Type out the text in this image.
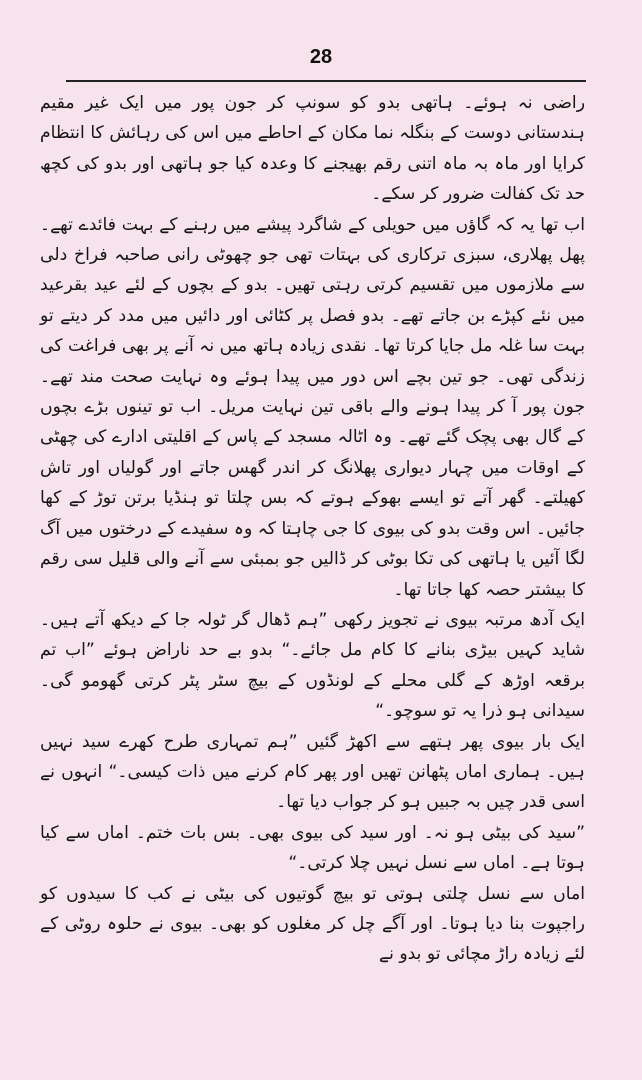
28

راضی نہ ہوئے۔ ہاتھی بدو کو سونپ کر جون پور میں ایک غیر مقیم ہندستانی دوست کے بنگلہ نما مکان کے احاطے میں اس کی رہائش کا انتظام کرایا اور ماہ بہ ماہ اتنی رقم بھیجنے کا وعدہ کیا جو ہاتھی اور بدو کی کچھ حد تک کفالت ضرور کر سکے۔

اب تھا یہ کہ گاؤں میں حویلی کے شاگرد پیشے میں رہنے کے بہت فائدے تھے۔ پھل پھلاری، سبزی ترکاری کی بہتات تھی جو چھوٹی رانی صاحبہ فراخ دلی سے ملازموں میں تقسیم کرتی رہتی تھیں۔ بدو کے بچوں کے لئے عید بقرعید میں نئے کپڑے بن جاتے تھے۔ بدو فصل پر کٹائی اور دائیں میں مدد کر دیتے تو بہت سا غلہ مل جایا کرتا تھا۔ نقدی زیادہ ہاتھ میں نہ آنے پر بھی فراغت کی زندگی تھی۔ جو تین بچے اس دور میں پیدا ہوئے وہ نہایت صحت مند تھے۔ جون پور آ کر پیدا ہونے والے باقی تین نہایت مریل۔ اب تو تینوں بڑے بچوں کے گال بھی پچک گئے تھے۔ وہ اٹالہ مسجد کے پاس کے اقلیتی ادارے کی چھٹی کے اوقات میں چہار دیواری پھلانگ کر اندر گھس جاتے اور گولیاں اور تاش کھیلتے۔ گھر آتے تو ایسے بھوکے ہوتے کہ بس چلتا تو ہنڈیا برتن توڑ کے کھا جائیں۔ اس وقت بدو کی بیوی کا جی چاہتا کہ وہ سفیدے کے درختوں میں آگ لگا آئیں یا ہاتھی کی تکا بوٹی کر ڈالیں جو بمبئی سے آنے والی قلیل سی رقم کا بیشتر حصہ کھا جاتا تھا۔

ایک آدھ مرتبہ بیوی نے تجویز رکھی ”ہم ڈھال گر ٹولہ جا کے دیکھ آتے ہیں۔ شاید کہیں بیڑی بنانے کا کام مل جائے۔“ بدو بے حد ناراض ہوئے ”اب تم برقعہ اوڑھ کے گلی محلے کے لونڈوں کے بیچ سٹر پٹر کرتی گھومو گی۔ سیدانی ہو ذرا یہ تو سوچو۔“

ایک بار بیوی پھر ہتھے سے اکھڑ گئیں ”ہم تمہاری طرح کھرے سید نہیں ہیں۔ ہماری اماں پٹھانن تھیں اور پھر کام کرنے میں ذات کیسی۔“ انہوں نے اسی قدر چیں بہ جبیں ہو کر جواب دیا تھا۔

”سید کی بیٹی ہو نہ۔ اور سید کی بیوی بھی۔ بس بات ختم۔ اماں سے کیا ہوتا ہے۔ اماں سے نسل نہیں چلا کرتی۔“

اماں سے نسل چلتی ہوتی تو بیچ گوتیوں کی بیٹی نے کب کا سیدوں کو راجپوت بنا دیا ہوتا۔ اور آگے چل کر مغلوں کو بھی۔ بیوی نے حلوہ روٹی کے لئے زیادہ راڑ مچائی تو بدو نے
